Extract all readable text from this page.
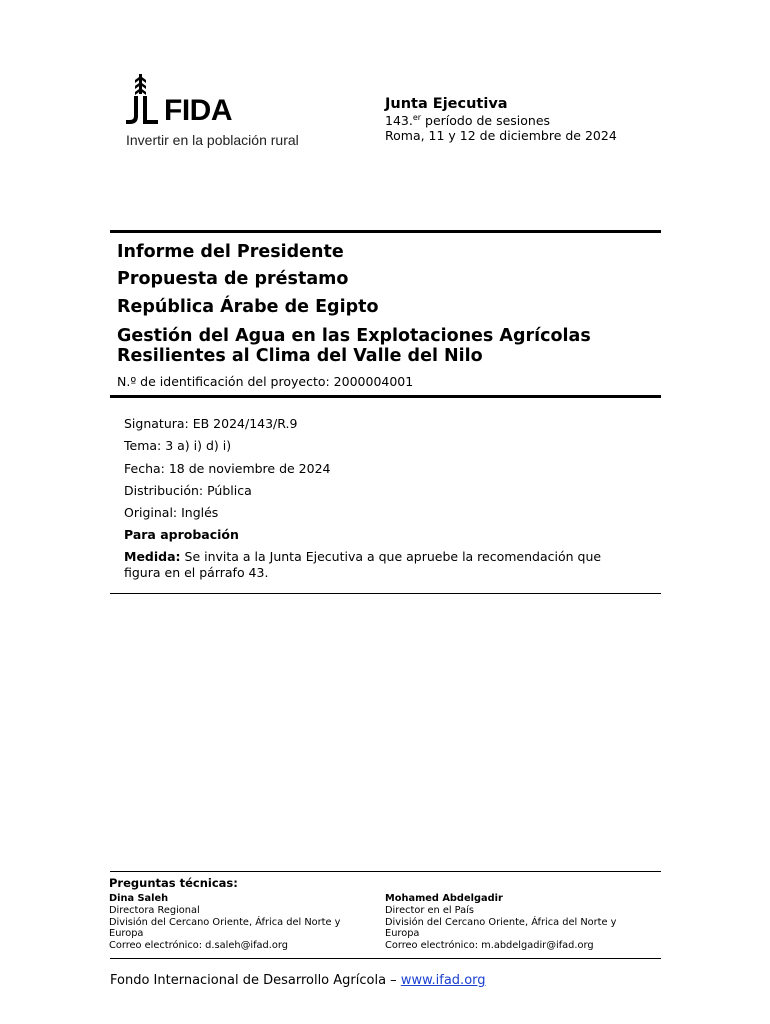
FIDA
Invertir en la población rural
Junta Ejecutiva
143.$^{er}$ período de sesiones
Roma, 11 y 12 de diciembre de 2024
Informe del Presidente
Propuesta de préstamo
República Árabe de Egipto
Gestión del Agua en las Explotaciones Agrícolas
Resilientes al Clima del Valle del Nilo
N.º de identificación del proyecto: 2000004001
Signatura: EB 2024/143/R.9
Tema: 3 a) i) d) i)
Fecha: 18 de noviembre de 2024
Distribución: Pública
Original: Inglés
Para aprobación
Medida: Se invita a la Junta Ejecutiva a que apruebe la recomendación que figura en el párrafo 43.
Preguntas técnicas:
Dina Saleh
Directora Regional
División del Cercano Oriente, África del Norte y Europa
Correo electrónico: d.saleh@ifad.org
Mohamed Abdelgadir
Director en el País
División del Cercano Oriente, África del Norte y Europa
Correo electrónico: m.abdelgadir@ifad.org
Fondo Internacional de Desarrollo Agrícola – www.ifad.org
